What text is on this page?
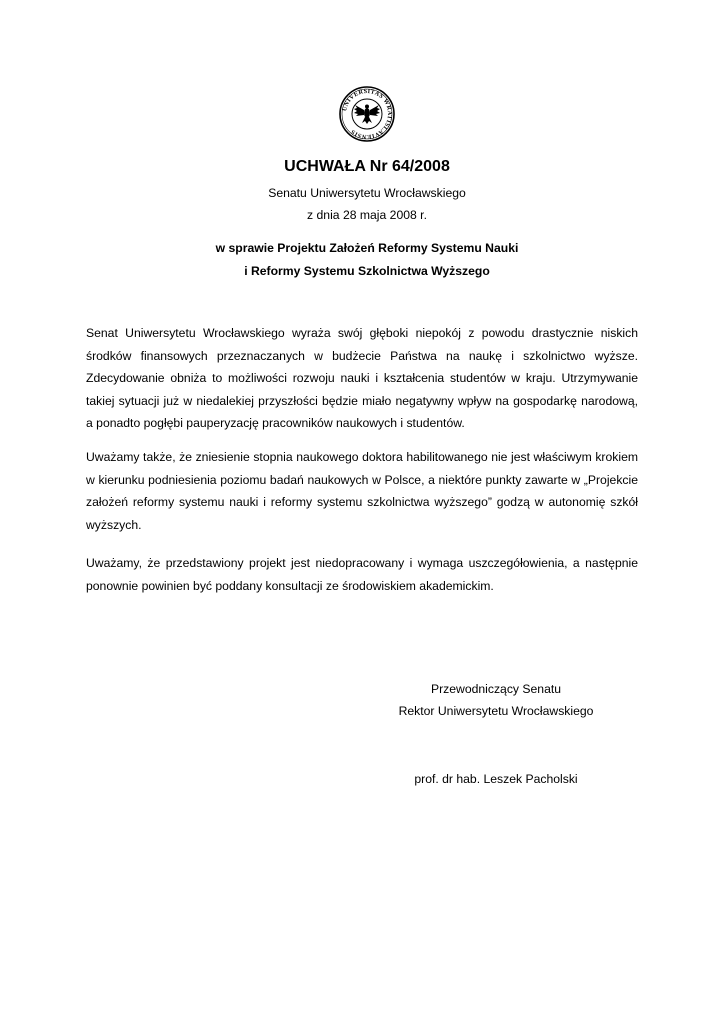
UNIVERSITAS WRATISLAVIENSIS
UCHWAŁA Nr 64/2008
Senatu Uniwersytetu Wrocławskiego
z dnia 28 maja 2008 r.
w sprawie Projektu Założeń Reformy Systemu Nauki
i Reformy Systemu Szkolnictwa Wyższego
Senat Uniwersytetu Wrocławskiego wyraża swój głęboki niepokój z powodu drastycznie niskich
środków finansowych przeznaczanych w budżecie Państwa na naukę i szkolnictwo wyższe.
Zdecydowanie obniża to możliwości rozwoju nauki i kształcenia studentów w kraju. Utrzymywanie
takiej sytuacji już w niedalekiej przyszłości będzie miało negatywny wpływ na gospodarkę narodową,
a ponadto pogłębi pauperyzację pracowników naukowych i studentów.
Uważamy także, że zniesienie stopnia naukowego doktora habilitowanego nie jest właściwym krokiem
w kierunku podniesienia poziomu badań naukowych w Polsce, a niektóre punkty zawarte w „Projekcie
założeń reformy systemu nauki i reformy systemu szkolnictwa wyższego” godzą w autonomię szkół
wyższych.
Uważamy, że przedstawiony projekt jest niedopracowany i wymaga uszczegółowienia, a następnie
ponownie powinien być poddany konsultacji ze środowiskiem akademickim.
Przewodniczący Senatu
Rektor Uniwersytetu Wrocławskiego
prof. dr hab. Leszek Pacholski
